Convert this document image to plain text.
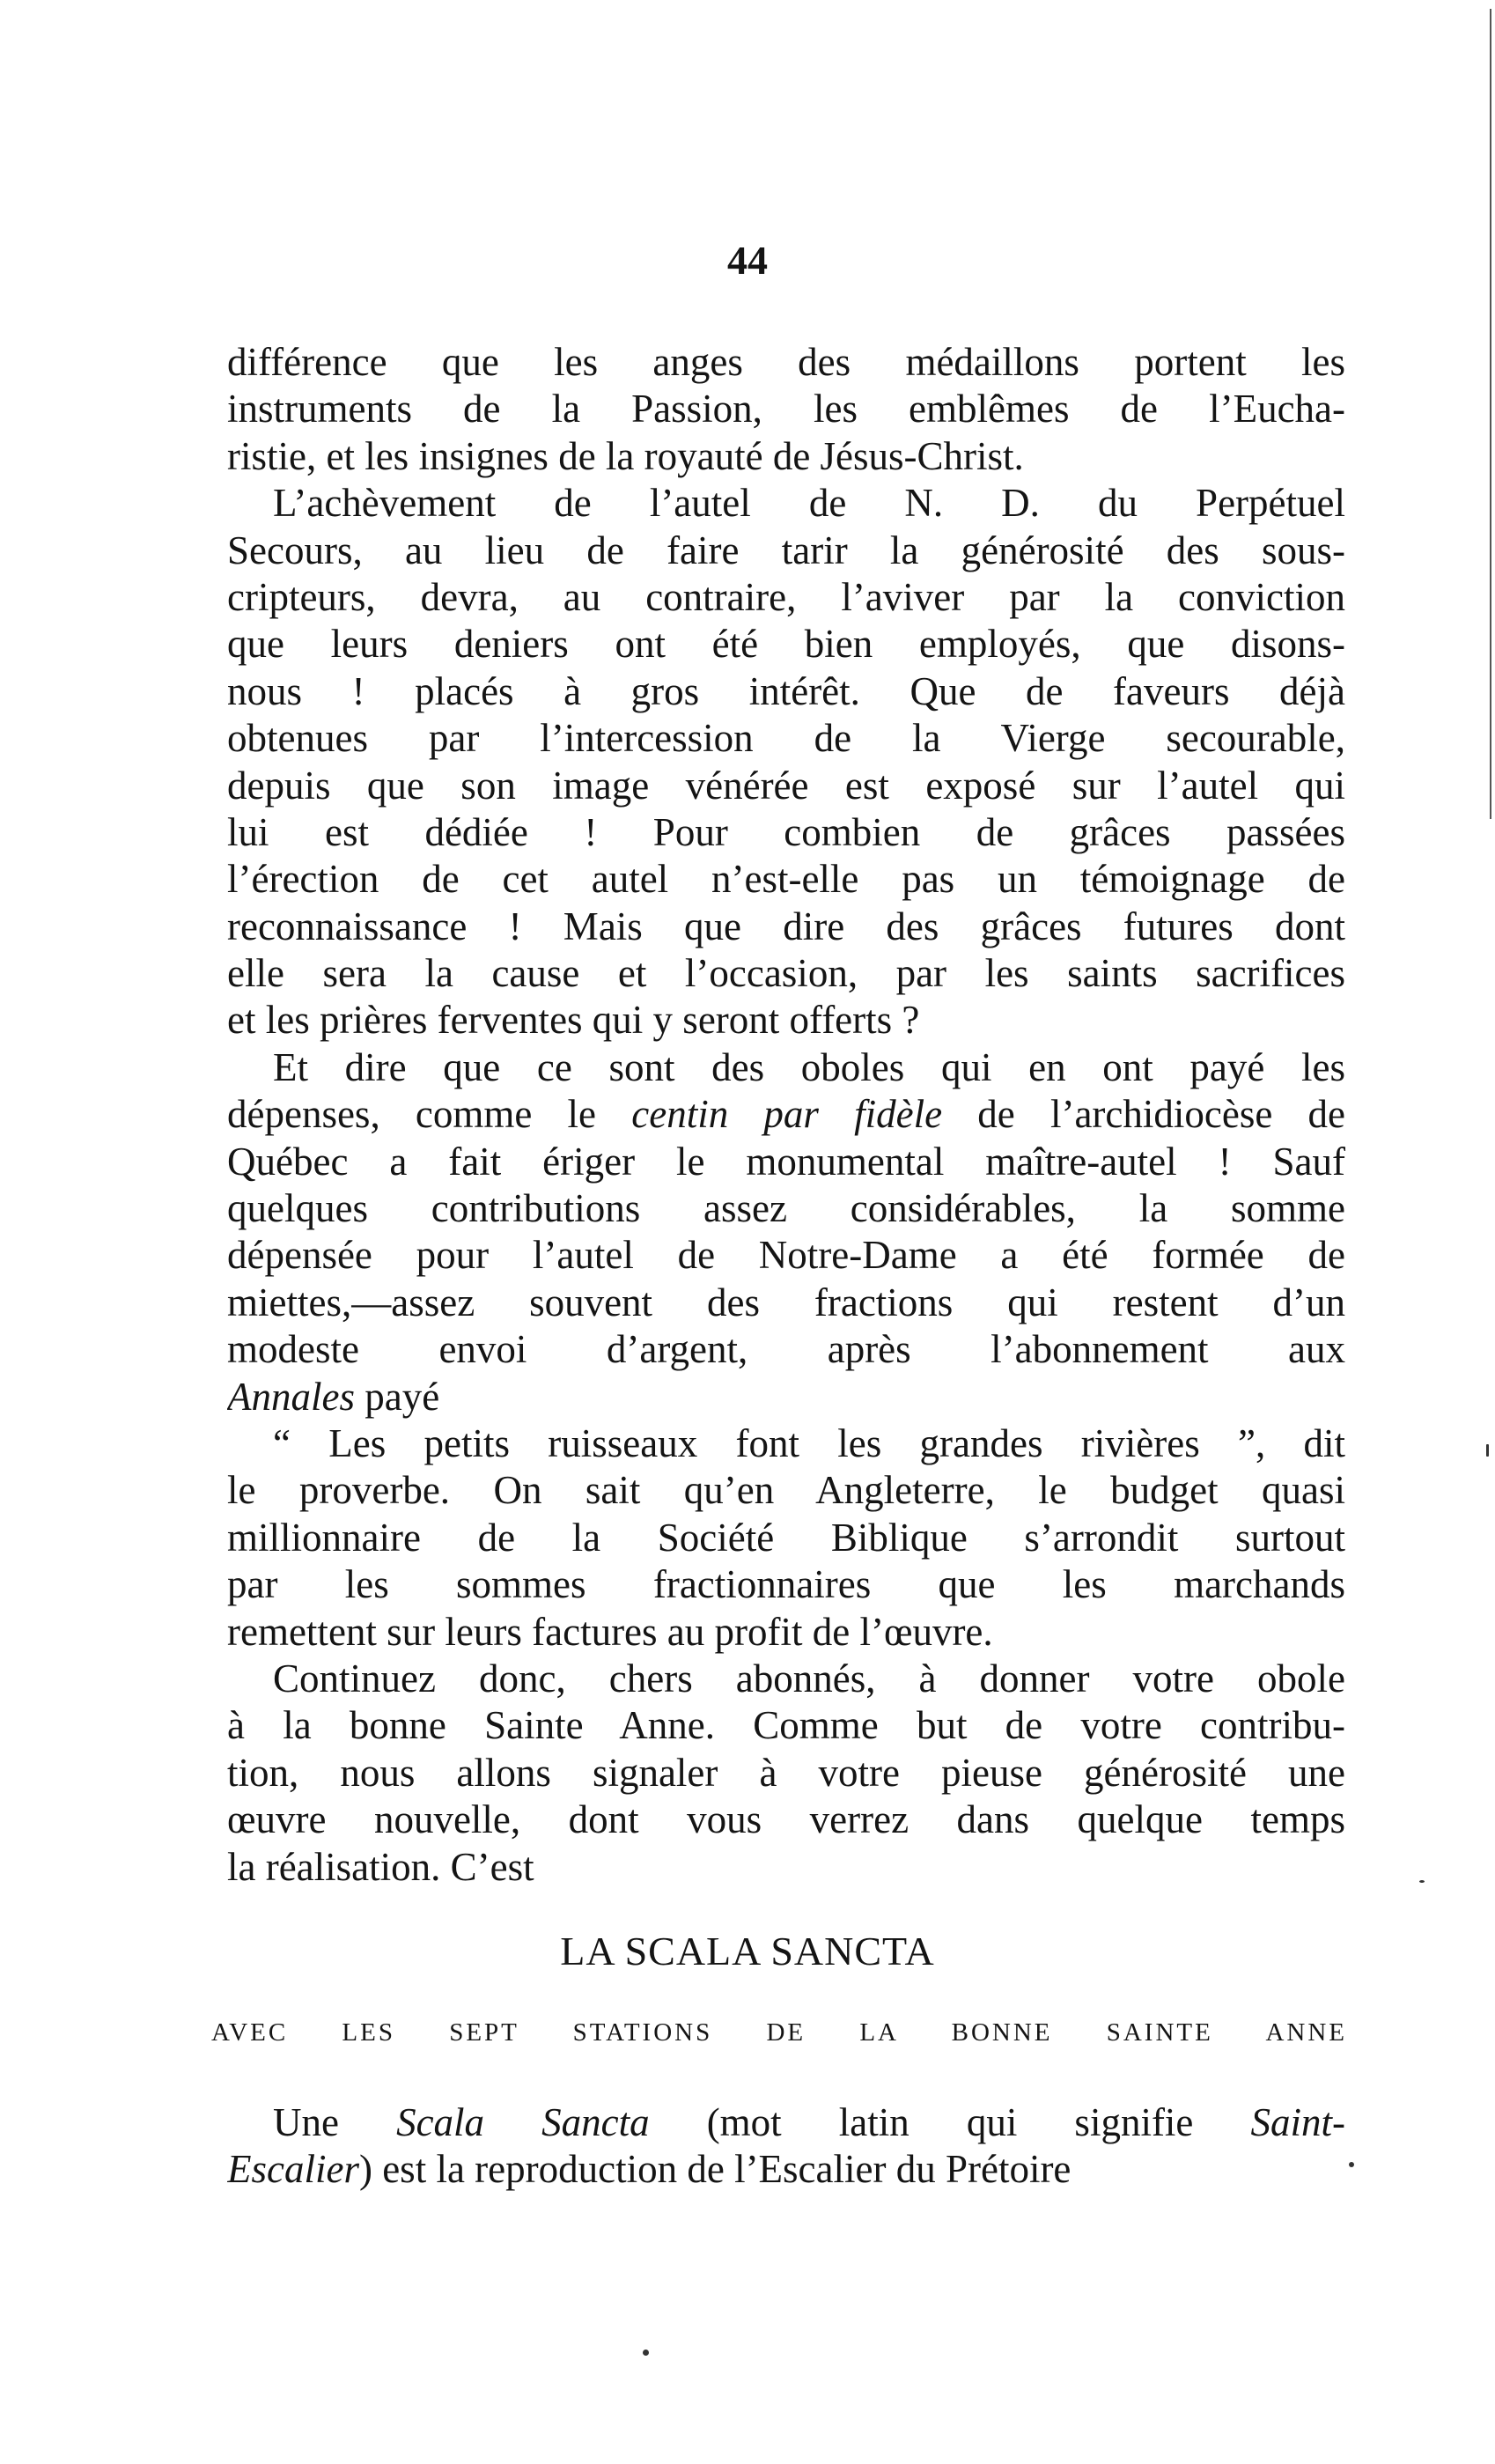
44
différence que les anges des médaillons portent les
instruments de la Passion, les emblêmes de l’Eucha-
ristie, et les insignes de la royauté de Jésus-Christ.
L’achèvement de l’autel de N. D. du Perpétuel
Secours, au lieu de faire tarir la générosité des sous-
cripteurs, devra, au contraire, l’aviver par la conviction
que leurs deniers ont été bien employés, que disons-
nous ! placés à gros intérêt. Que de faveurs déjà
obtenues par l’intercession de la Vierge secourable,
depuis que son image vénérée est exposé sur l’autel qui
lui est dédiée ! Pour combien de grâces passées
l’érection de cet autel n’est-elle pas un témoignage de
reconnaissance ! Mais que dire des grâces futures dont
elle sera la cause et l’occasion, par les saints sacrifices
et les prières ferventes qui y seront offerts ?
Et dire que ce sont des oboles qui en ont payé les
dépenses, comme le centin par fidèle de l’archidiocèse de
Québec a fait ériger le monumental maître-autel ! Sauf
quelques contributions assez considérables, la somme
dépensée pour l’autel de Notre-Dame a été formée de
miettes,—assez souvent des fractions qui restent d’un
modeste envoi d’argent, après l’abonnement aux
Annales payé
“ Les petits ruisseaux font les grandes rivières ”, dit
le proverbe. On sait qu’en Angleterre, le budget quasi
millionnaire de la Société Biblique s’arrondit surtout
par les sommes fractionnaires que les marchands
remettent sur leurs factures au profit de l’œuvre.
Continuez donc, chers abonnés, à donner votre obole
à la bonne Sainte Anne. Comme but de votre contribu-
tion, nous allons signaler à votre pieuse générosité une
œuvre nouvelle, dont vous verrez dans quelque temps
la réalisation. C’est
LA SCALA SANCTA
AVEC LES SEPT STATIONS DE LA BONNE SAINTE ANNE
Une Scala Sancta (mot latin qui signifie Saint-
Escalier) est la reproduction de l’Escalier du Prétoire
